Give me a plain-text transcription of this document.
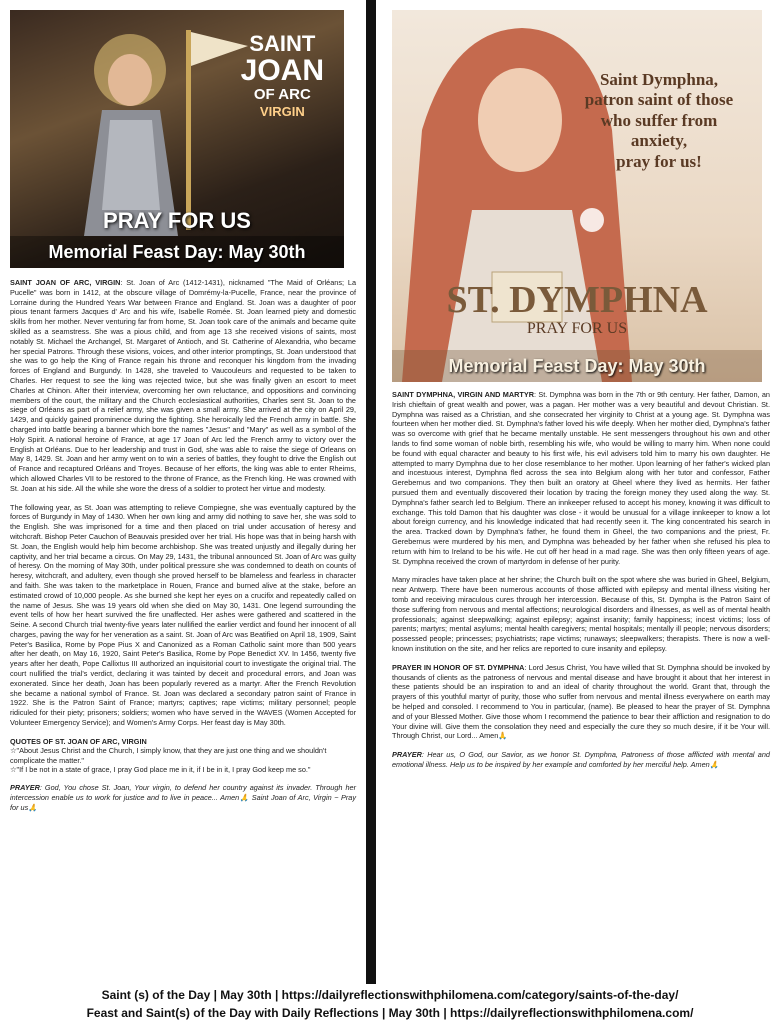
SAINT
JOAN
OF ARC
VIRGIN
PRAY FOR US
Memorial Feast Day: May 30th

SAINT JOAN OF ARC, VIRGIN: St. Joan of Arc (1412-1431), nicknamed "The Maid of Orléans; La Pucelle" was born in 1412, at the obscure village of Domrémy-la-Pucelle, France, near the province of Lorraine during the Hundred Years War between France and England. St. Joan was a daughter of poor pious tenant farmers Jacques d' Arc and his wife, Isabelle Romée. St. Joan learned piety and domestic skills from her mother. Never venturing far from home, St. Joan took care of the animals and became quite skilled as a seamstress. She was a pious child, and from age 13 she received visions of saints, most notably St. Michael the Archangel, St. Margaret of Antioch, and St. Catherine of Alexandria, who became her special Patrons. Through these visions, voices, and other interior promptings, St. Joan understood that she was to go help the King of France regain his throne and reconquer his kingdom from the invading forces of England and Burgundy. In 1428, she traveled to Vaucouleurs and requested to be taken to Charles. Her request to see the king was rejected twice, but she was finally given an escort to meet Charles at Chinon. After their interview, overcoming her own reluctance, and oppositions and convincing members of the court, the military and the Church ecclesiastical authorities, Charles sent St. Joan to the siege of Orléans as part of a relief army, she was given a small army. She arrived at the city on April 29, 1429, and quickly gained prominence during the fighting. She heroically led the French army in battle. She charged into battle bearing a banner which bore the names "Jesus" and "Mary" as well as a symbol of the Holy Spirit. A national heroine of France, at age 17 Joan of Arc led the French army to victory over the English at Orléans. Due to her leadership and trust in God, she was able to raise the siege of Orleans on May 8, 1429. St. Joan and her army went on to win a series of battles, they fought to drive the English out of France and recaptured Orléans and Troyes. Because of her efforts, the king was able to enter Rheims, which allowed Charles VII to be restored to the throne of France, as the French king. He was crowned with St. Joan at his side. All the while she wore the dress of a soldier to protect her virtue and modesty.

The following year, as St. Joan was attempting to relieve Compiegne, she was eventually captured by the forces of Burgundy in May of 1430. When her own king and army did nothing to save her, she was sold to the English. She was imprisoned for a time and then placed on trial under accusation of heresy and witchcraft. Bishop Peter Cauchon of Beauvais presided over her trial. His hope was that in being harsh with St. Joan, the English would help him become archbishop. She was treated unjustly and illegally during her captivity, and her trial became a circus. On May 29, 1431, the tribunal announced St. Joan of Arc was guilty of heresy. On the morning of May 30th, under political pressure she was condemned to death on counts of heresy, witchcraft, and adultery, even though she proved herself to be blameless and fearless in character and faith. She was taken to the marketplace in Rouen, France and burned alive at the stake, before an estimated crowd of 10,000 people. As she burned she kept her eyes on a crucifix and repeatedly called on the name of Jesus. She was 19 years old when she died on May 30, 1431. One legend surrounding the event tells of how her heart survived the fire unaffected. Her ashes were gathered and scattered in the Seine. A second Church trial twenty-five years later nullified the earlier verdict and found her innocent of all charges, paving the way for her veneration as a saint. St. Joan of Arc was Beatified on April 18, 1909, Saint Peter's Basilica, Rome by Pope Pius X and Canonized as a Roman Catholic saint more than 500 years after her death, on May 16, 1920, Saint Peter's Basilica, Rome by Pope Benedict XV. In 1456, twenty five years after her death, Pope Callixtus III authorized an inquisitorial court to investigate the original trial. The court nullified the trial's verdict, declaring it was tainted by deceit and procedural errors, and Joan was exonerated. Since her death, Joan has been popularly revered as a martyr. After the French Revolution she became a national symbol of France. St. Joan was declared a secondary patron saint of France in 1922. She is the Patron Saint of France; martyrs; captives; rape victims; military personnel; people ridiculed for their piety; prisoners; soldiers; women who have served in the WAVES (Women Accepted for Volunteer Emergency Service); and Women's Army Corps. Her feast day is May 30th.

QUOTES OF ST. JOAN OF ARC, VIRGIN

☆"About Jesus Christ and the Church, I simply know, that they are just one thing and we shouldn't complicate the matter."

☆"If I be not in a state of grace, I pray God place me in it, if I be in it, I pray God keep me so."

PRAYER: God, You chose St. Joan, Your virgin, to defend her country against its invader. Through her intercession enable us to work for justice and to live in peace... Amen🙏 Saint Joan of Arc, Virgin ~ Pray for us🙏

Saint Dymphna,
patron saint of those
who suffer from
anxiety,
pray for us!
ST. DYMPHNA
PRAY FOR US
Memorial Feast Day: May 30th

SAINT DYMPHNA, VIRGIN AND MARTYR: St. Dymphna was born in the 7th or 9th century. Her father, Damon, an Irish chieftain of great wealth and power, was a pagan. Her mother was a very beautiful and devout Christian. St. Dymphna was raised as a Christian, and she consecrated her virginity to Christ at a young age. St. Dymphna was fourteen when her mother died. St. Dymphna's father loved his wife deeply. When her mother died, Dymphna's father was so overcome with grief that he became mentally unstable. He sent messengers throughout his own and other lands to find some woman of noble birth, resembling his wife, who would be willing to marry him. When none could be found with equal character and beauty to his first wife, his evil advisers told him to marry his own daughter. He attempted to marry Dymphna due to her close resemblance to her mother. Upon learning of her father's wicked plan and incestuous interest, Dymphna fled across the sea into Belgium along with her tutor and confessor, Father Gerebernus and two companions. They then built an oratory at Gheel where they lived as hermits. Her father pursued them and eventually discovered their location by tracing the foreign money they used along the way. St. Dymphna's father search led to Belgium. There an innkeeper refused to accept his money, knowing it was difficult to exchange. This told Damon that his daughter was close - it would be unusual for a village innkeeper to know a lot about foreign currency, and his knowledge indicated that had recently seen it. The king concentrated his search in the area. Tracked down by Dymphna's father, he found them in Gheel, the two companions and the priest, Fr. Gerebernus were murdered by his men, and Dymphna was beheaded by her father when she refused his plea to return with him to Ireland to be his wife. He cut off her head in a mad rage. She was then only fifteen years of age. St. Dymphna received the crown of martyrdom in defense of her purity.

Many miracles have taken place at her shrine; the Church built on the spot where she was buried in Gheel, Belgium, near Antwerp. There have been numerous accounts of those afflicted with epilepsy and mental illness visiting her tomb and receiving miraculous cures through her intercession. Because of this, St. Dympha is the Patron Saint of those suffering from nervous and mental affections; neurological disorders and illnesses, as well as of mental health professionals; against sleepwalking; against epilepsy; against insanity; family happiness; incest victims; loss of parents; martyrs; mental asylums; mental health caregivers; mental hospitals; mentally ill people; nervous disorders; possessed people; princesses; psychiatrists; rape victims; runaways; sleepwalkers; therapists. There is now a well-known institution on the site, and her relics are reported to cure insanity and epilepsy.

PRAYER IN HONOR OF ST. DYMPHNA: Lord Jesus Christ, You have willed that St. Dymphna should be invoked by thousands of clients as the patroness of nervous and mental disease and have brought it about that her interest in these patients should be an inspiration to and an ideal of charity throughout the world. Grant that, through the prayers of this youthful martyr of purity, those who suffer from nervous and mental illness everywhere on earth may be helped and consoled. I recommend to You in particular, (name). Be pleased to hear the prayer of St. Dymphna and of your Blessed Mother. Give those whom I recommend the patience to bear their affliction and resignation to do Your divine will. Give them the consolation they need and especially the cure they so much desire, if it be Your will. Through Christ, our Lord... Amen🙏

PRAYER: Hear us, O God, our Savior, as we honor St. Dymphna, Patroness of those afflicted with mental and emotional illness. Help us to be inspired by her example and comforted by her merciful help. Amen🙏

Saint (s) of the Day | May 30th | https://dailyreflectionswithphilomena.com/category/saints-of-the-day/
Feast and Saint(s) of the Day with Daily Reflections | May 30th | https://dailyreflectionswithphilomena.com/
